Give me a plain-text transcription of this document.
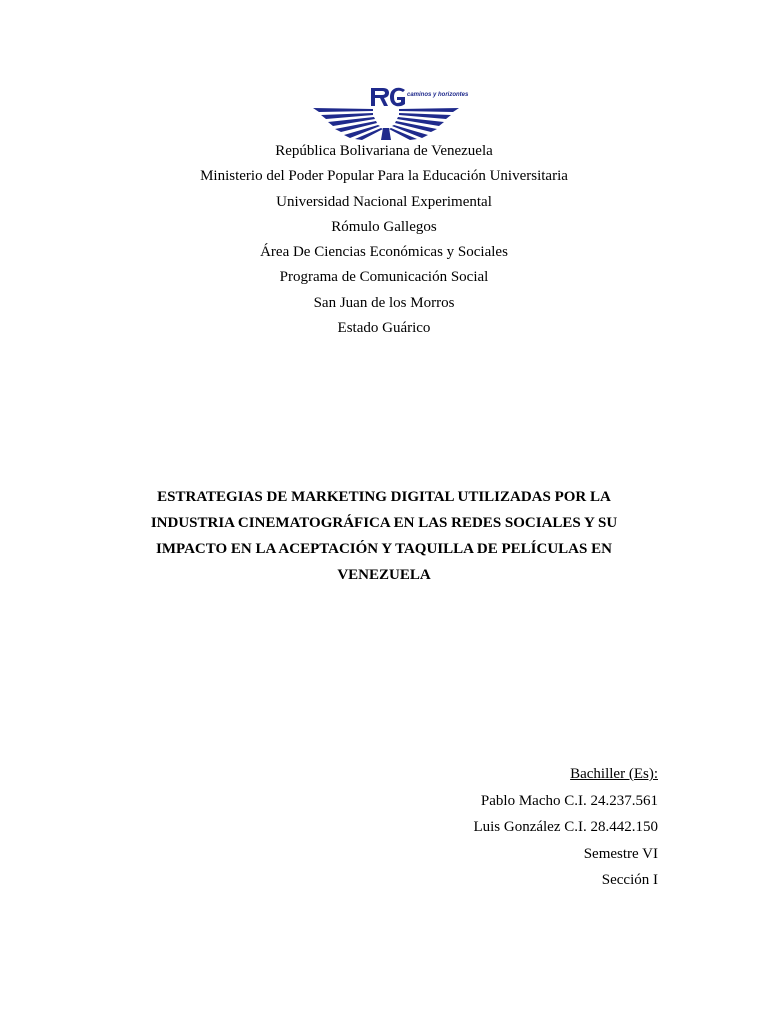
caminos y horizontes
República Bolivariana de Venezuela
Ministerio del Poder Popular Para la Educación Universitaria
Universidad Nacional Experimental
Rómulo Gallegos
Área De Ciencias Económicas y Sociales
Programa de Comunicación Social
San Juan de los Morros
Estado Guárico
ESTRATEGIAS DE MARKETING DIGITAL UTILIZADAS POR LA INDUSTRIA CINEMATOGRÁFICA EN LAS REDES SOCIALES Y SU IMPACTO EN LA ACEPTACIÓN Y TAQUILLA DE PELÍCULAS EN VENEZUELA
Bachiller (Es):
Pablo Macho C.I. 24.237.561
Luis González C.I. 28.442.150
Semestre VI
Sección I
